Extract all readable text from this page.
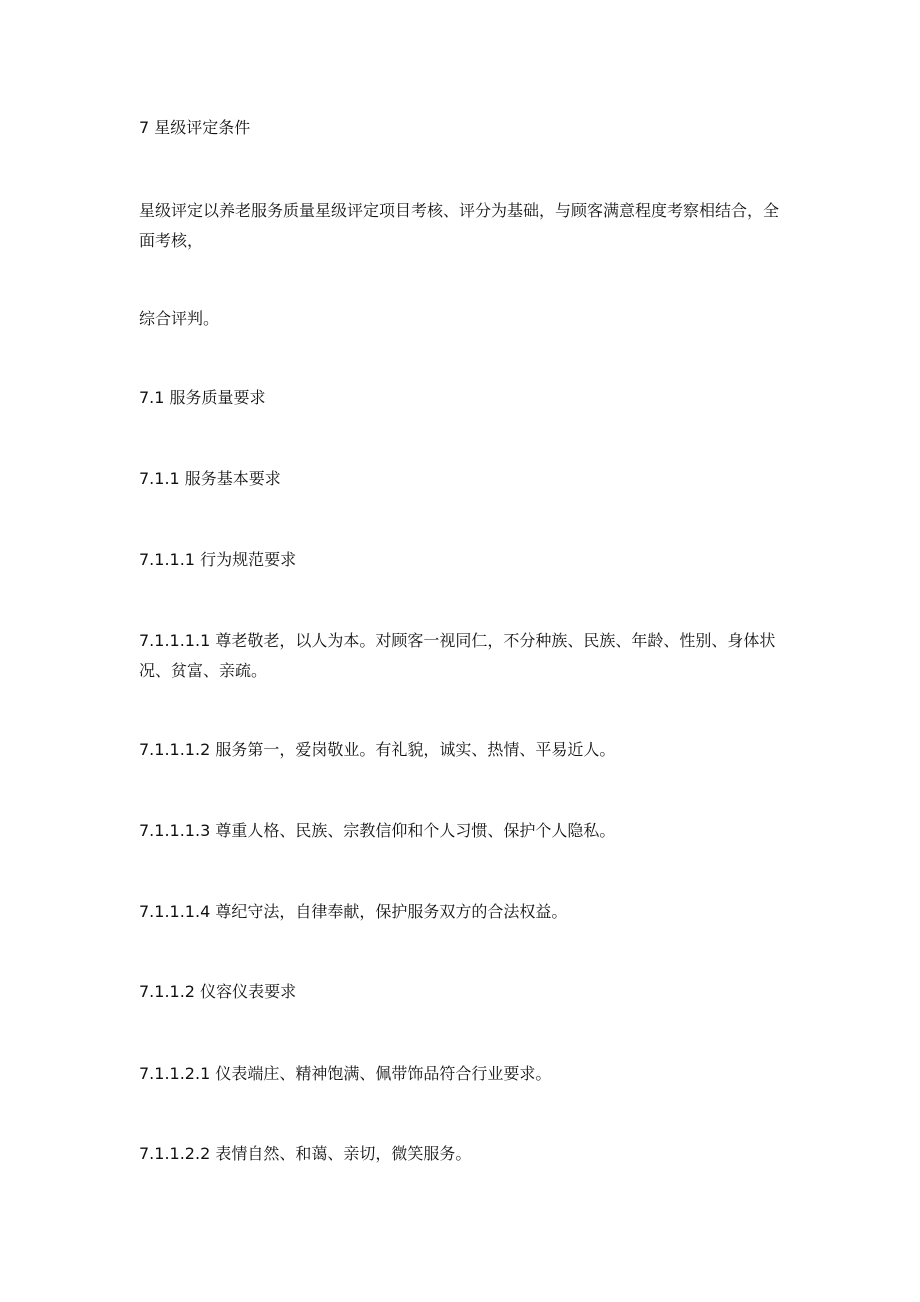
7 星级评定条件

星级评定以养老服务质量星级评定项目考核、评分为基础，与顾客满意程度考察相结合，全面考核，

综合评判。

7.1 服务质量要求

7.1.1 服务基本要求

7.1.1.1 行为规范要求

7.1.1.1.1 尊老敬老，以人为本。对顾客一视同仁，不分种族、民族、年龄、性别、身体状况、贫富、亲疏。

7.1.1.1.2 服务第一，爱岗敬业。有礼貌，诚实、热情、平易近人。

7.1.1.1.3 尊重人格、民族、宗教信仰和个人习惯、保护个人隐私。

7.1.1.1.4 尊纪守法，自律奉献，保护服务双方的合法权益。

7.1.1.2 仪容仪表要求

7.1.1.2.1 仪表端庄、精神饱满、佩带饰品符合行业要求。

7.1.1.2.2 表情自然、和蔼、亲切，微笑服务。
